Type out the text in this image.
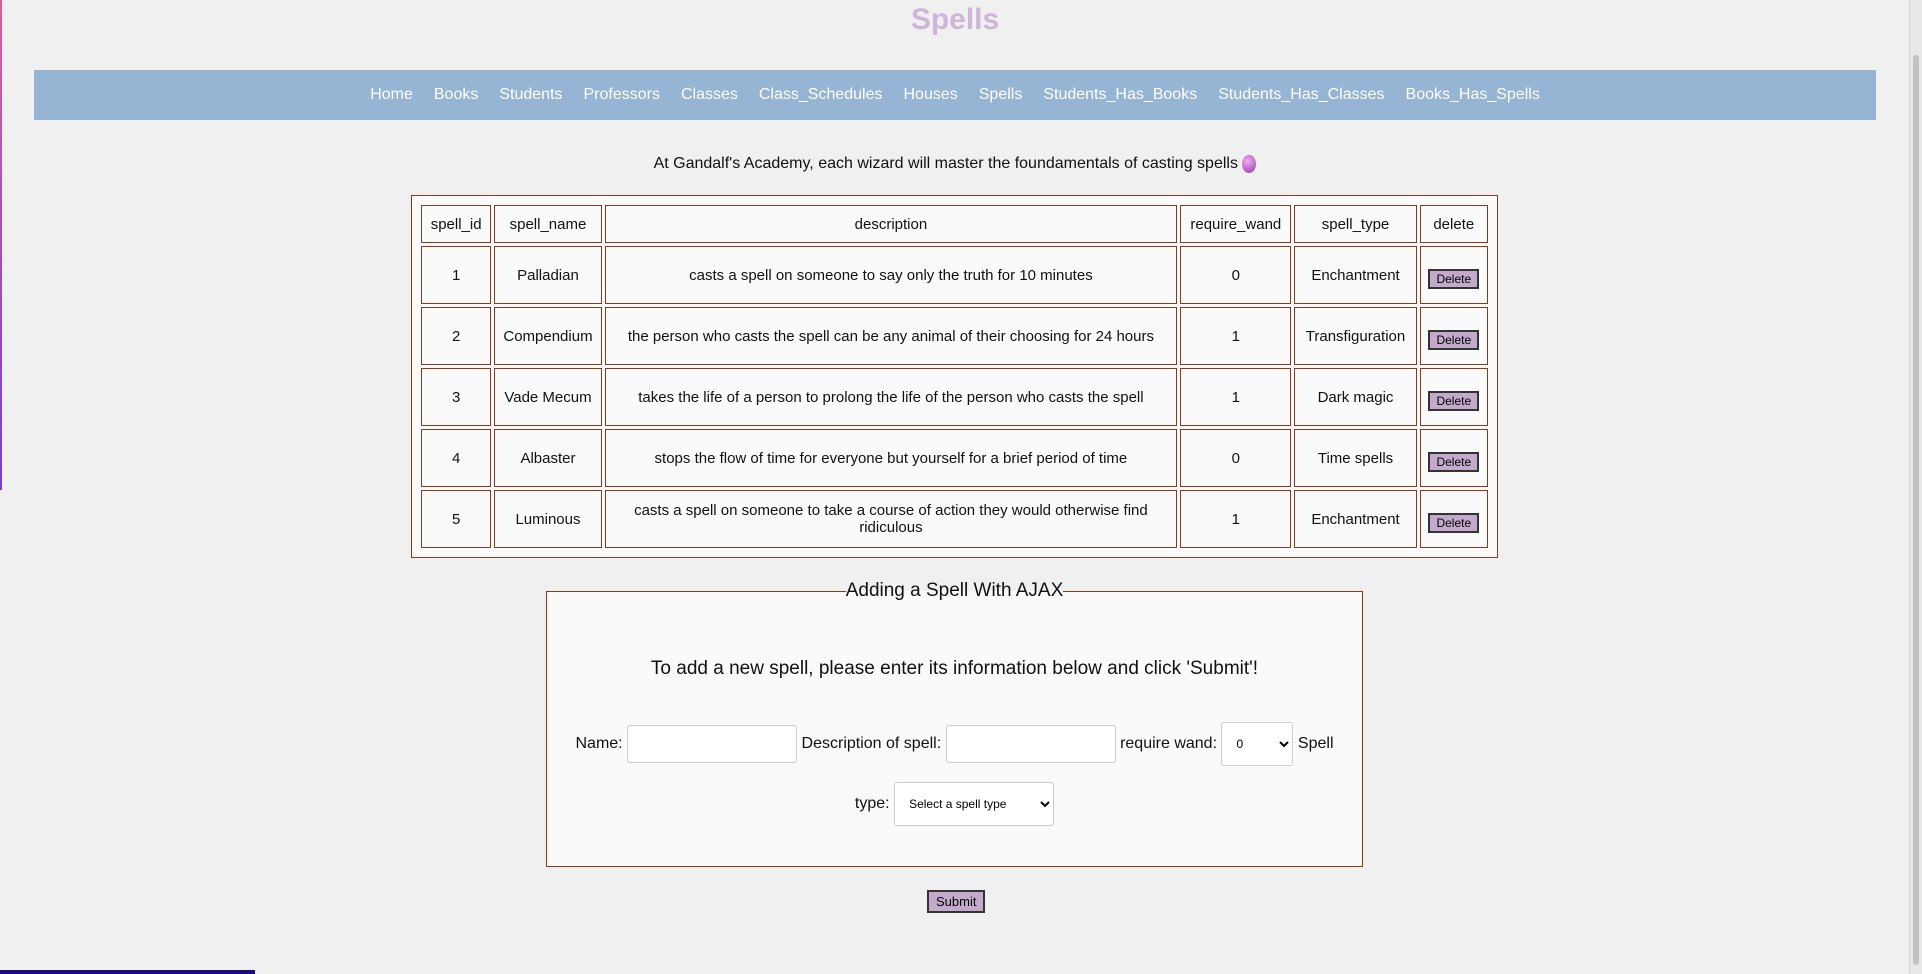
Spells
Home Books Students Professors Classes Class_Schedules Houses Spells Students_Has_Books Students_Has_Classes Books_Has_Spells
At Gandalf's Academy, each wizard will master the foundamentals of casting spells
spell_id	spell_name	description	require_wand	spell_type	delete
1	Palladian	casts a spell on someone to say only the truth for 10 minutes	0	Enchantment	Delete
2	Compendium	the person who casts the spell can be any animal of their choosing for 24 hours	1	Transfiguration	Delete
3	Vade Mecum	takes the life of a person to prolong the life of the person who casts the spell	1	Dark magic	Delete
4	Albaster	stops the flow of time for everyone but yourself for a brief period of time	0	Time spells	Delete
5	Luminous	casts a spell on someone to take a course of action they would otherwise find ridiculous	1	Enchantment	Delete
Adding a Spell With AJAX
To add a new spell, please enter its information below and click 'Submit'!
Name:	Description of spell:	require wand:
0	Spell
type:
Select a spell type
Submit
